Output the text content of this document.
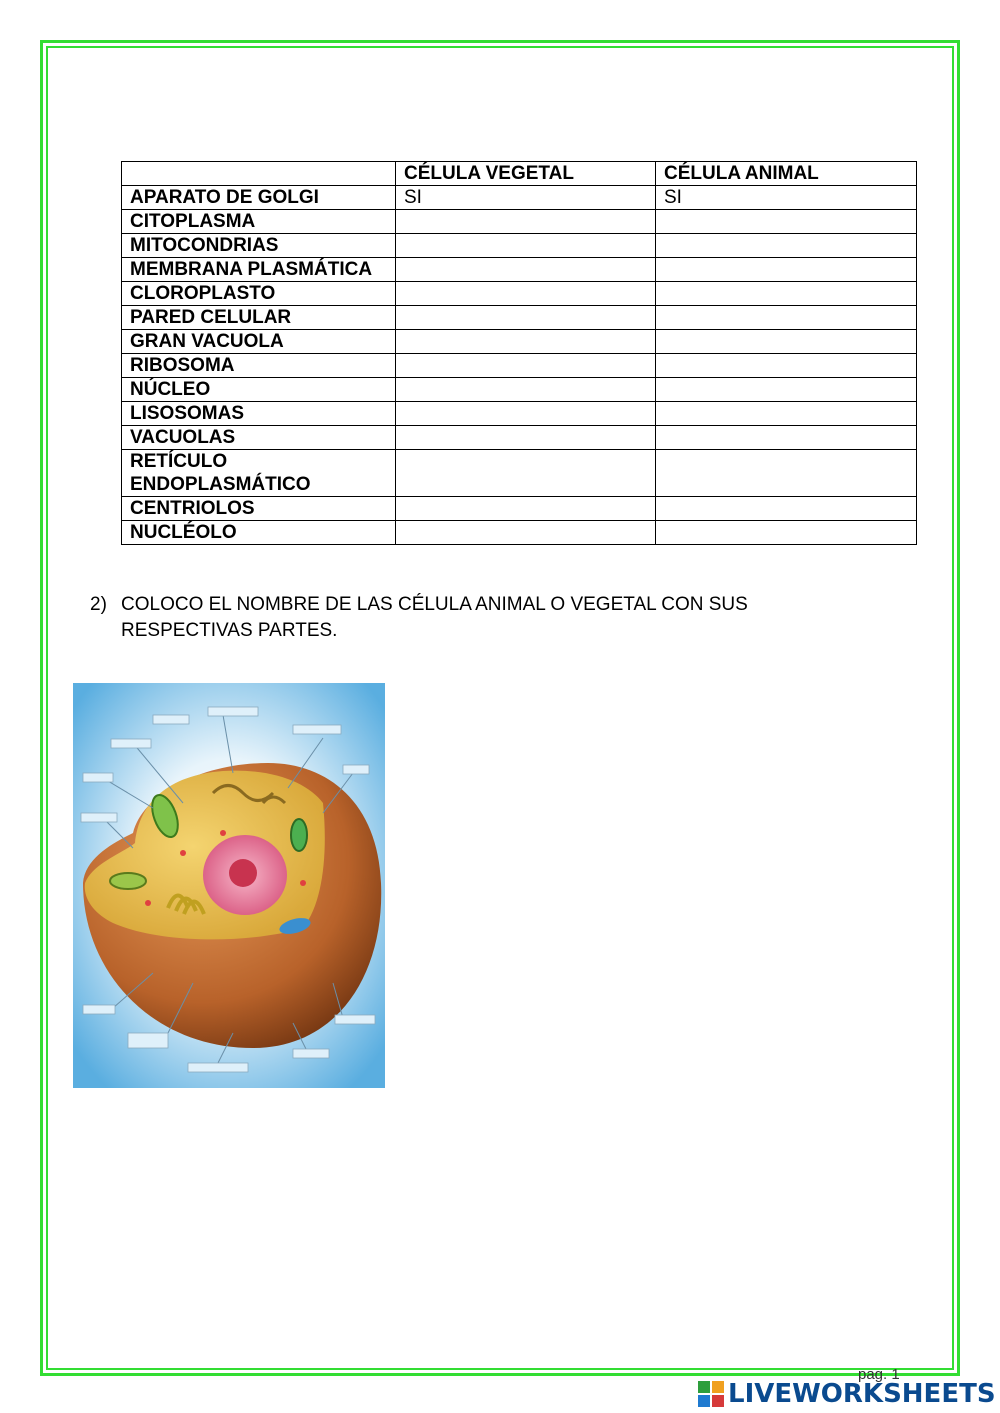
	CÉLULA VEGETAL	CÉLULA ANIMAL
APARATO DE GOLGI	SI	SI
CITOPLASMA		
MITOCONDRIAS		
MEMBRANA PLASMÁTICA		
CLOROPLASTO		
PARED CELULAR		
GRAN VACUOLA		
RIBOSOMA		
NÚCLEO		
LISOSOMAS		
VACUOLAS		
RETÍCULO ENDOPLASMÁTICO		
CENTRIOLOS		
NUCLÉOLO		
2) COLOCO EL NOMBRE DE LAS CÉLULA ANIMAL O VEGETAL CON SUS RESPECTIVAS PARTES.
pag. 1
LIVEWORKSHEETS
